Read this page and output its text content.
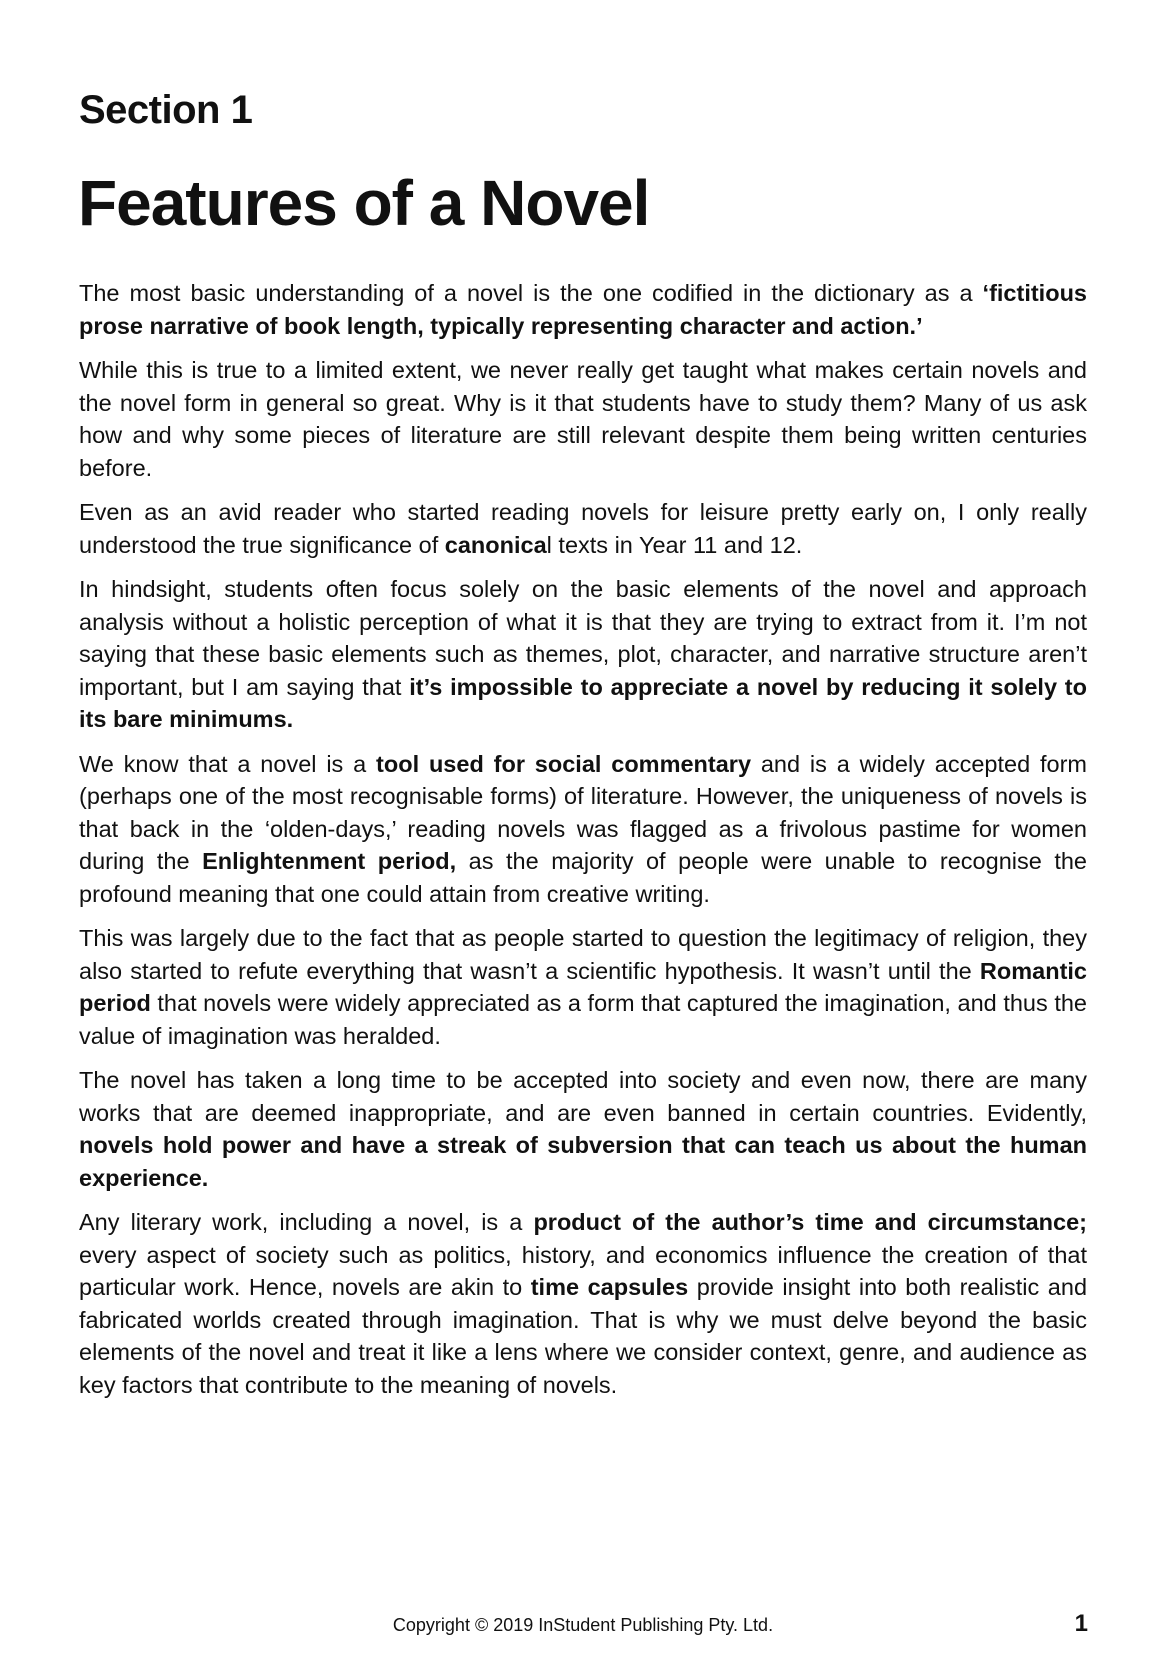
Section 1
Features of a Novel

The most basic understanding of a novel is the one codified in the dictionary as a ‘fictitious prose narrative of book length, typically representing character and action.’

While this is true to a limited extent, we never really get taught what makes certain novels and the novel form in general so great. Why is it that students have to study them? Many of us ask how and why some pieces of literature are still relevant despite them being written centuries before.

Even as an avid reader who started reading novels for leisure pretty early on, I only really understood the true significance of canonical texts in Year 11 and 12.

In hindsight, students often focus solely on the basic elements of the novel and approach analysis without a holistic perception of what it is that they are trying to extract from it. I’m not saying that these basic elements such as themes, plot, character, and narrative structure aren’t important, but I am saying that it’s impossible to appreciate a novel by reducing it solely to its bare minimums.

We know that a novel is a tool used for social commentary and is a widely accepted form (perhaps one of the most recognisable forms) of literature. However, the uniqueness of novels is that back in the ‘olden-days,’ reading novels was flagged as a frivolous pastime for women during the Enlightenment period, as the majority of people were unable to recognise the profound meaning that one could attain from creative writing.

This was largely due to the fact that as people started to question the legitimacy of religion, they also started to refute everything that wasn’t a scientific hypothesis. It wasn’t until the Romantic period that novels were widely appreciated as a form that captured the imagination, and thus the value of imagination was heralded.

The novel has taken a long time to be accepted into society and even now, there are many works that are deemed inappropriate, and are even banned in certain countries. Evidently, novels hold power and have a streak of subversion that can teach us about the human experience.

Any literary work, including a novel, is a product of the author’s time and circumstance; every aspect of society such as politics, history, and economics influence the creation of that particular work. Hence, novels are akin to time capsules provide insight into both realistic and fabricated worlds created through imagination. That is why we must delve beyond the basic elements of the novel and treat it like a lens where we consider context, genre, and audience as key factors that contribute to the meaning of novels.

Copyright © 2019 InStudent Publishing Pty. Ltd.	1
